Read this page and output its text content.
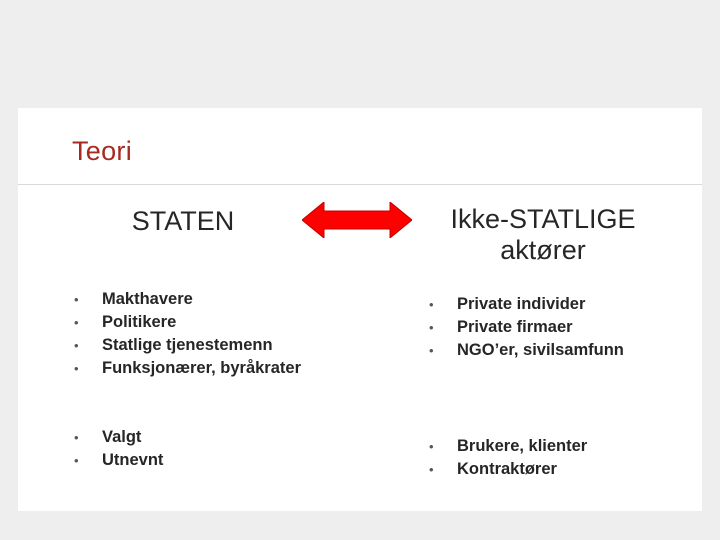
Teori
STATEN	Ikke-STATLIGE aktører
• Makthavere
• Politikere
• Statlige tjenestemenn
• Funksjonærer, byråkrater
• Valgt
• Utnevnt
• Private individer
• Private firmaer
• NGO’er, sivilsamfunn
• Brukere, klienter
• Kontraktører
